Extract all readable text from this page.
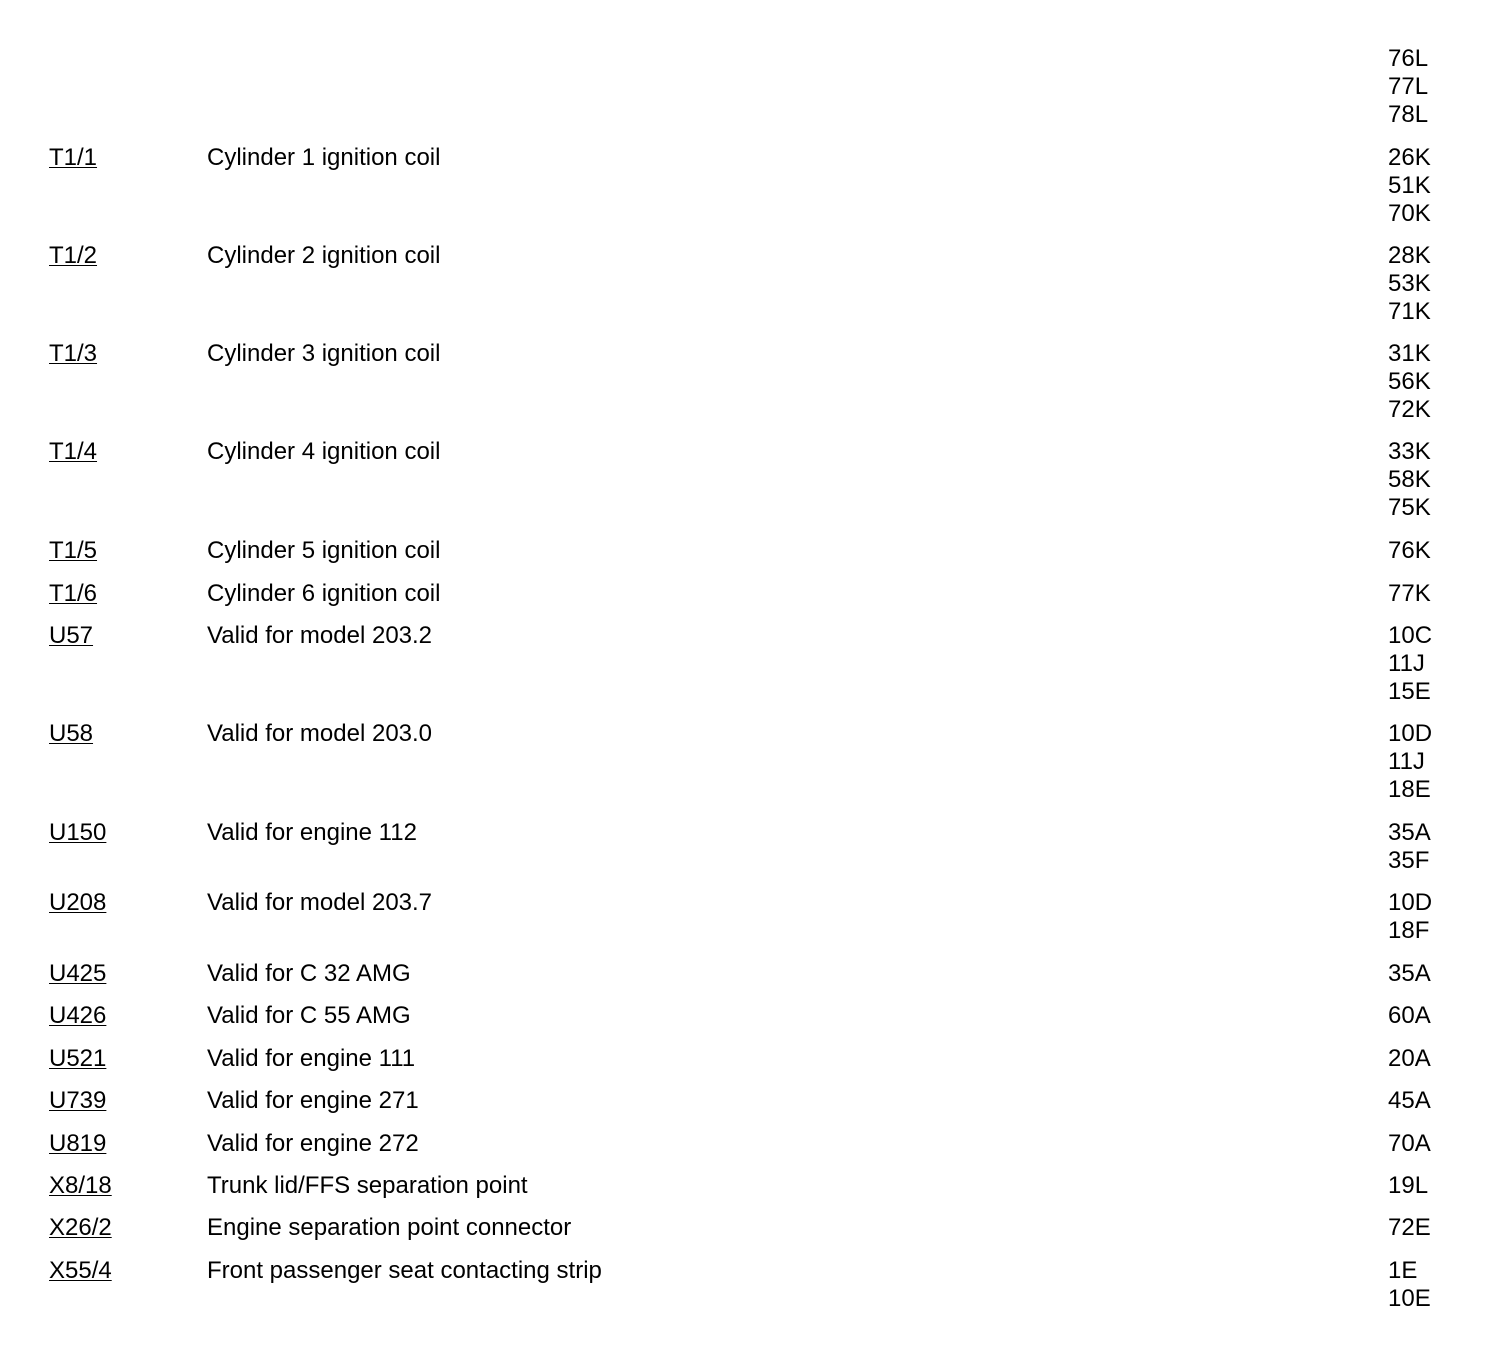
76L
77L
78L
T1/1	Cylinder 1 ignition coil	26K
51K
70K
T1/2	Cylinder 2 ignition coil	28K
53K
71K
T1/3	Cylinder 3 ignition coil	31K
56K
72K
T1/4	Cylinder 4 ignition coil	33K
58K
75K
T1/5	Cylinder 5 ignition coil	76K
T1/6	Cylinder 6 ignition coil	77K
U57	Valid for model 203.2	10C
11J
15E
U58	Valid for model 203.0	10D
11J
18E
U150	Valid for engine 112	35A
35F
U208	Valid for model 203.7	10D
18F
U425	Valid for C 32 AMG	35A
U426	Valid for C 55 AMG	60A
U521	Valid for engine 111	20A
U739	Valid for engine 271	45A
U819	Valid for engine 272	70A
X8/18	Trunk lid/FFS separation point	19L
X26/2	Engine separation point connector	72E
X55/4	Front passenger seat contacting strip	1E
10E
